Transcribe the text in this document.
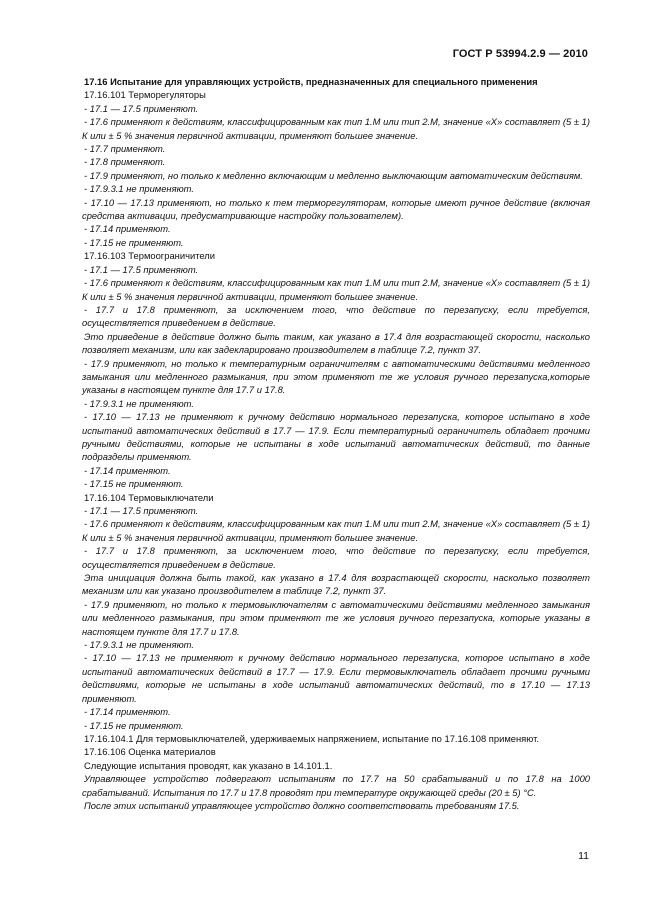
ГОСТ Р 53994.2.9 — 2010

17.16 Испытание для управляющих устройств, предназначенных для специального применения

17.16.101 Терморегуляторы

- 17.1 — 17.5 применяют.

- 17.6 применяют к действиям, классифицированным как тип 1.М или тип 2.М, значение «Х» составляет (5 ± 1) К или ± 5 % значения первичной активации, применяют большее значение.

- 17.7 применяют.

- 17.8 применяют.

- 17.9 применяют, но только к медленно включающим и медленно выключающим автоматическим действиям.

- 17.9.3.1 не применяют.

- 17.10 — 17.13 применяют, но только к тем терморегуляторам, которые имеют ручное действие (включая средства активации, предусматривающие настройку пользователем).

- 17.14 применяют.

- 17.15 не применяют.

17.16.103 Термоограничители

- 17.1 — 17.5 применяют.

- 17.6 применяют к действиям, классифицированным как тип 1.М или тип 2.М, значение «Х» составляет (5 ± 1) К или ± 5 % значения первичной активации, применяют большее значение.

- 17.7 и 17.8 применяют, за исключением того, что действие по перезапуску, если требуется, осуществляется приведением в действие.

Это приведение в действие должно быть таким, как указано в 17.4 для возрастающей скорости, насколько позволяет механизм, или как задекларировано производителем в таблице 7.2, пункт 37.

- 17.9 применяют, но только к температурным ограничителям с автоматическими действиями медленного замыкания или медленного размыкания, при этом применяют те же условия ручного перезапуска,которые указаны в настоящем пункте для 17.7 и 17.8.

- 17.9.3.1 не применяют.

- 17.10 — 17.13 не применяют к ручному действию нормального перезапуска, которое испытано в ходе испытаний автоматических действий в 17.7 — 17.9. Если температурный ограничитель обладает прочими ручными действиями, которые не испытаны в ходе испытаний автоматических действий, то данные подразделы применяют.

- 17.14 применяют.

- 17.15 не применяют.

17.16.104 Термовыключатели

- 17.1 — 17.5 применяют.

- 17.6 применяют к действиям, классифицированным как тип 1.М или тип 2.М, значение «Х» составляет (5 ± 1) К или ± 5 % значения первичной активации, применяют большее значение.

- 17.7 и 17.8 применяют, за исключением того, что действие по перезапуску, если требуется, осуществляется приведением в действие.

Эта инициация должна быть такой, как указано в 17.4 для возрастающей скорости, насколько позволяет механизм или как указано производителем в таблице 7.2, пункт 37.

- 17.9 применяют, но только к термовыключателям с автоматическими действиями медленного замыкания или медленного размыкания, при этом применяют те же условия ручного перезапуска, которые указаны в настоящем пункте для 17.7 и 17.8.

- 17.9.3.1 не применяют.

- 17.10 — 17.13 не применяют к ручному действию нормального перезапуска, которое испытано в ходе испытаний автоматических действий в 17.7 — 17.9. Если термовыключатель обладает прочими ручными действиями, которые не испытаны в ходе испытаний автоматических действий, то в 17.10 — 17.13 применяют.

- 17.14 применяют.

- 17.15 не применяют.

17.16.104.1 Для термовыключателей, удерживаемых напряжением, испытание по 17.16.108 применяют.

17.16.106 Оценка материалов

Следующие испытания проводят, как указано в 14.101.1.

Управляющее устройство подвергают испытаниям по 17.7 на 50 срабатываний и по 17.8 на 1000 срабатываний. Испытания по 17.7 и 17.8 проводят при температуре окружающей среды (20 ± 5) °С.

После этих испытаний управляющее устройство должно соответствовать требованиям 17.5.

11
